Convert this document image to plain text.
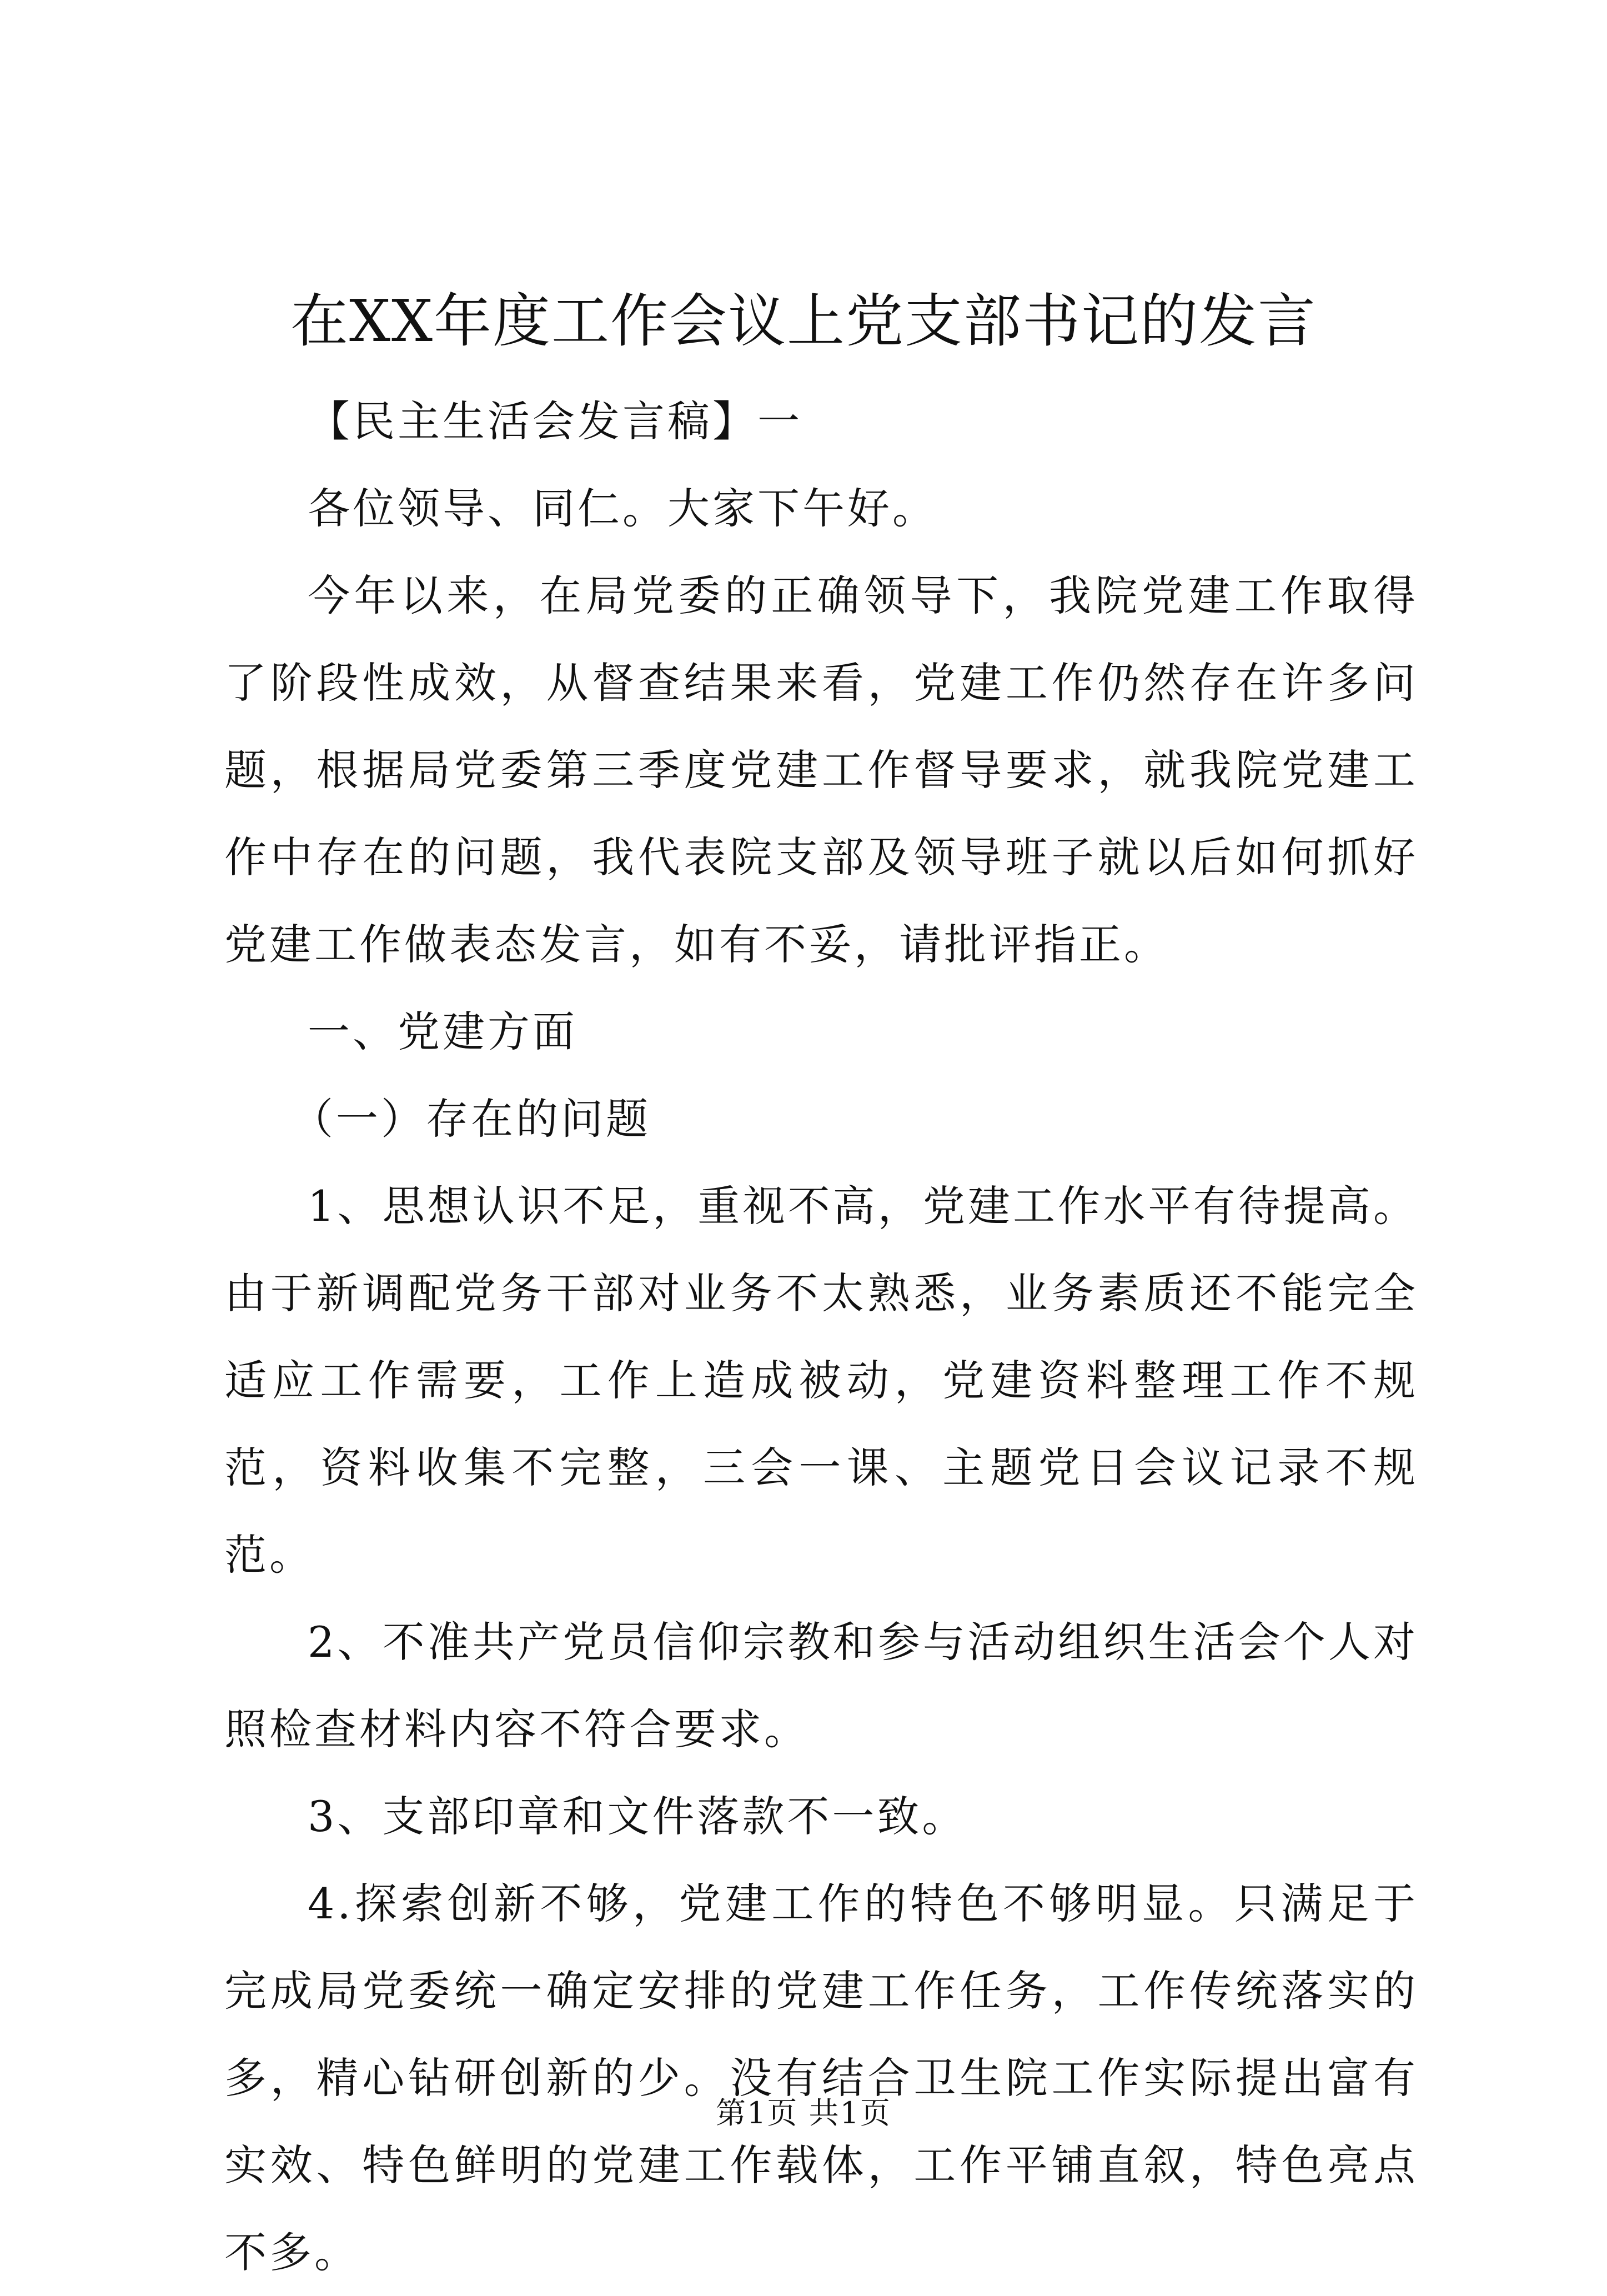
在XX年度工作会议上党支部书记的发言

【民主生活会发言稿】一

各位领导、同仁。大家下午好。

今年以来，在局党委的正确领导下，我院党建工作取得了阶段性成效，从督查结果来看，党建工作仍然存在许多问题，根据局党委第三季度党建工作督导要求，就我院党建工作中存在的问题，我代表院支部及领导班子就以后如何抓好党建工作做表态发言，如有不妥，请批评指正。

一、党建方面

（一）存在的问题

1、思想认识不足，重视不高，党建工作水平有待提高。由于新调配党务干部对业务不太熟悉，业务素质还不能完全适应工作需要，工作上造成被动，党建资料整理工作不规范，资料收集不完整，三会一课、主题党日会议记录不规范。

2、不准共产党员信仰宗教和参与活动组织生活会个人对照检查材料内容不符合要求。

3、支部印章和文件落款不一致。

4.探索创新不够，党建工作的特色不够明显。只满足于完成局党委统一确定安排的党建工作任务，工作传统落实的多，精心钻研创新的少。没有结合卫生院工作实际提出富有实效、特色鲜明的党建工作载体，工作平铺直叙，特色亮点不多。

第1页 共1页
